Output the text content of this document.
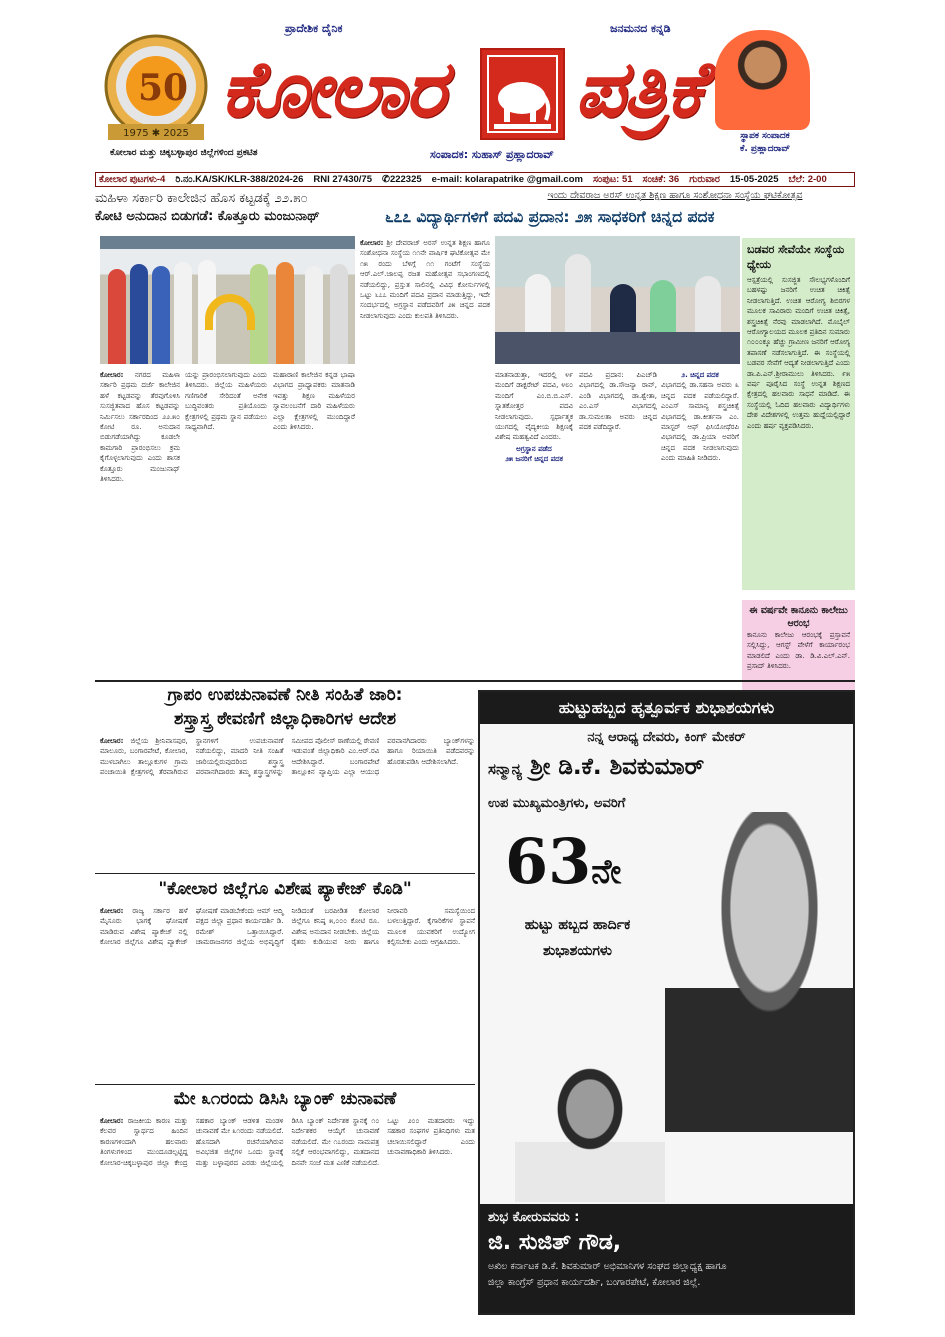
50
1975 ✱ 2025
ಪ್ರಾದೇಶಿಕ ದೈನಿಕ	ಜನಮನದ ಕನ್ನಡಿ
ಕೋಲಾರ ಪತ್ರಿಕೆ
ಸ್ಥಾಪಕ ಸಂಪಾದಕ
ಕೆ. ಪ್ರಹ್ಲಾದರಾವ್
ಕೋಲಾರ ಮತ್ತು ಚಿಕ್ಕಬಳ್ಳಾಪುರ ಜಿಲ್ಲೆಗಳಿಂದ ಪ್ರಕಟಿತ	ಸಂಪಾದಕ: ಸುಹಾಸ್ ಪ್ರಹ್ಲಾದರಾವ್
ಕೋಲಾರ ಪುಟಗಳು-4 ರಿ.ನಂ.KA/SK/KLR-388/2024-26 RNI 27430/75 ✆222325 e-mail: kolarapatrike @gmail.com ಸಂಪುಟ: 51 ಸಂಚಿಕೆ: 36 ಗುರುವಾರ 15-05-2025 ಬೆಲೆ: 2-00
ಮಹಿಳಾ ಸರ್ಕಾರಿ ಕಾಲೇಜಿನ ಹೊಸ ಕಟ್ಟಡಕ್ಕೆ ೨೨.೫೦
ಕೋಟಿ ಅನುದಾನ ಬಿಡುಗಡೆ: ಕೊತ್ತೂರು ಮಂಜುನಾಥ್

ಕೋಲಾರ: ನಗರದ ಮಹಿಳಾ ಸರ್ಕಾರಿ ಪ್ರಥಮ ದರ್ಜೆ ಕಾಲೇಜಿನ ಹಳೆ ಕಟ್ಟಡವನ್ನು ತೆರವುಗೊಳಿಸಿ ಸುಸಜ್ಜಿತವಾದ ಹೊಸ ಕಟ್ಟಡವನ್ನು ನಿರ್ಮಿಸಲು ಸರ್ಕಾರದಿಂದ ೨೨.೫೦ ಕೋಟಿ ರೂ. ಅನುದಾನ ಬಿಡುಗಡೆಯಾಗಿದ್ದು ಕೂಡಲೇ ಕಾಮಗಾರಿ ಪ್ರಾರಂಭಿಸಲು ಕ್ರಮ ಕೈಗೊಳ್ಳಲಾಗುವುದು ಎಂದು ಶಾಸಕ ಕೊತ್ತೂರು ಮಂಜುನಾಥ್ ತಿಳಿಸಿದರು.

ಯನ್ನು ಪ್ರಾರಂಭಿಸಲಾಗುವುದು ಎಂದು ತಿಳಿಸಿದರು. ಜಿಲ್ಲೆಯ ಮಹಿಳೆಯರು ಗಣಿಗಾರಿಕೆ ಸೇರಿದಂತೆ ಅನೇಕ ಬುದ್ಧಿವಂತರು ಪ್ರತಿಯೊಂದು ಕ್ಷೇತ್ರಗಳಲ್ಲಿ ಪ್ರಥಮ ಸ್ಥಾನ ಪಡೆಯಲು ಸಾಧ್ಯವಾಗಿದೆ.

ಮಹಾರಾಣಿ ಕಾಲೇಜಿನ ಕನ್ನಡ ಭಾಷಾ ವಿಭಾಗದ ಪ್ರಾಧ್ಯಾಪಕರು ಮಾತನಾಡಿ ಇವತ್ತು ಶಿಕ್ಷಣ ಮಹಿಳೆಯರ ಸ್ವಾವಲಂಬನೆಗೆ ದಾರಿ ಮಹಿಳೆಯರು ಎಲ್ಲಾ ಕ್ಷೇತ್ರಗಳಲ್ಲಿ ಮುಂದಿದ್ದಾರೆ ಎಂದು ತಿಳಿಸಿದರು.

ಇಂದು ದೇವರಾಜ ಅರಸ್ ಉನ್ನತ ಶಿಕ್ಷಣ ಹಾಗೂ ಸಂಶೋಧನಾ ಸಂಸ್ಥೆಯ ಘಟಿಕೋತ್ಸವ
೬೭೭ ವಿದ್ಯಾರ್ಥಿಗಳಿಗೆ ಪದವಿ ಪ್ರದಾನ: ೨೫ ಸಾಧಕರಿಗೆ ಚಿನ್ನದ ಪದಕ

ಕೋಲಾರ: ಶ್ರೀ ದೇವರಾಜ್ ಅರಸ್ ಉನ್ನತ ಶಿಕ್ಷಣ ಹಾಗೂ ಸಂಶೋಧನಾ ಸಂಸ್ಥೆಯ ೧೧ನೇ ವಾರ್ಷಿಕ ಘಟಿಕೋತ್ಸವ ಮೇ ೧೫ ರಂದು ಬೆಳಿಗ್ಗೆ ೧೧ ಗಂಟೆಗೆ ಸಂಸ್ಥೆಯ ಆರ್.ಎಲ್.ಜಾಲಪ್ಪ ರಜತ ಮಹೋತ್ಸವ ಸಭಾಂಗಣದಲ್ಲಿ ನಡೆಯಲಿದ್ದು, ಪ್ರಸ್ತುತ ಸಾಲಿನಲ್ಲಿ ವಿವಿಧ ಕೋರ್ಸುಗಳಲ್ಲಿ ಒಟ್ಟು ೬೭೭ ಮಂದಿಗೆ ಪದವಿ ಪ್ರದಾನ ಮಾಡುತ್ತಿದ್ದು, ಇದೇ ಸಂದರ್ಭದಲ್ಲಿ ಅಗ್ರಸ್ಥಾನ ಪಡೆದವರಿಗೆ ೨೫ ಚಿನ್ನದ ಪದಕ ನೀಡಲಾಗುವುದು ಎಂದು ಕುಲಪತಿ ತಿಳಿಸಿದರು.

ಮಾತನಾಡುತ್ತಾ, ಇದರಲ್ಲಿ ೪೯ ಮಂದಿಗೆ ಡಾಕ್ಟರೇಟ್ ಪದವಿ, ೪೮೦ ಮಂದಿಗೆ ಎಂ.ಬಿ.ಬಿ.ಎಸ್. ಸ್ನಾತಕೋತ್ತರ ಪದವಿ ನೀಡಲಾಗುವುದು. ಸ್ಪರ್ಧಾತ್ಮಕ ಯುಗದಲ್ಲಿ ವೈದ್ಯಕೀಯ ಶಿಕ್ಷಣಕ್ಕೆ ವಿಶೇಷ ಮಹತ್ವವಿದೆ ಎಂದರು.

ಅಗ್ರಸ್ಥಾನ ಪಡೆದ
೨೫ ಜನರಿಗೆ ಚಿನ್ನದ ಪದಕ

ಪದವಿ ಪ್ರದಾನ: ಪಿಎಚ್‌ಡಿ ವಿಭಾಗದಲ್ಲಿ ಡಾ.ಸೌಜನ್ಯಾ ರಾವ್, ಎಂಡಿ ವಿಭಾಗದಲ್ಲಿ ಡಾ.ಶ್ವೇತಾ, ಎಂ.ಎಸ್ ವಿಭಾಗದಲ್ಲಿ ಡಾ.ಸುಮಲತಾ ಅವರು ಚಿನ್ನದ ಪದಕ ಪಡೆದಿದ್ದಾರೆ.

೨. ಚಿನ್ನದ ಪದಕ

ವಿಭಾಗದಲ್ಲಿ ಡಾ.ಸಹನಾ ಅವರು ೩ ಚಿನ್ನದ ಪದಕ ಪಡೆಯಲಿದ್ದಾರೆ. ಎಂಎಸ್ ಸಾಮಾನ್ಯ ಶಸ್ತ್ರಚಿಕಿತ್ಸೆ ವಿಭಾಗದಲ್ಲಿ ಡಾ.ಕೀರ್ತನಾ ಎಂ. ಮಾಸ್ಟರ್ ಆಫ್ ಫಿಸಿಯೋಥೆರಪಿ ವಿಭಾಗದಲ್ಲಿ ಡಾ.ಪ್ರಿಯಾ ಅವರಿಗೆ ಚಿನ್ನದ ಪದಕ ನೀಡಲಾಗುವುದು ಎಂದು ಮಾಹಿತಿ ನೀಡಿದರು.

ಬಡವರ ಸೇವೆಯೇ ಸಂಸ್ಥೆಯ ಧ್ಯೇಯ
ಆಸ್ಪತ್ರೆಯಲ್ಲಿ ಸುಸಜ್ಜಿತ ಸೌಲಭ್ಯಗಳೊಂದಿಗೆ ಬಹಳಷ್ಟು ಜನರಿಗೆ ಉಚಿತ ಚಿಕಿತ್ಸೆ ನೀಡಲಾಗುತ್ತಿದೆ. ಉಚಿತ ಆರೋಗ್ಯ ಶಿಬಿರಗಳ ಮೂಲಕ ಸಾವಿರಾರು ಮಂದಿಗೆ ಉಚಿತ ಚಿಕಿತ್ಸೆ, ಶಸ್ತ್ರಚಿಕಿತ್ಸೆ ನೆರವು ಮಾಡಲಾಗಿದೆ. ಮೊಬೈಲ್ ಆರೋಗ್ಯಾಲಯದ ಮೂಲಕ ಪ್ರತಿದಿನ ಸುಮಾರು ೧೦೦೦ಕ್ಕೂ ಹೆಚ್ಚು ಗ್ರಾಮೀಣ ಜನರಿಗೆ ಆರೋಗ್ಯ ತಪಾಸಣೆ ನಡೆಸಲಾಗುತ್ತಿದೆ. ಈ ಸಂಸ್ಥೆಯಲ್ಲಿ ಬಡವರ ಸೇವೆಗೆ ಆದ್ಯತೆ ನೀಡಲಾಗುತ್ತಿದೆ ಎಂದು ಡಾ.ಪಿ.ಎನ್.ಶ್ರೀರಾಮುಲು ತಿಳಿಸಿದರು. ೯೫ ವರ್ಷ ಪೂರೈಸಿದ ಸಂಸ್ಥೆ ಉನ್ನತ ಶಿಕ್ಷಣದ ಕ್ಷೇತ್ರದಲ್ಲಿ ಹಲವಾರು ಸಾಧನೆ ಮಾಡಿದೆ. ಈ ಸಂಸ್ಥೆಯಲ್ಲಿ ಓದಿದ ಹಲವಾರು ವಿದ್ಯಾರ್ಥಿಗಳು ದೇಶ ವಿದೇಶಗಳಲ್ಲಿ ಉತ್ತಮ ಹುದ್ದೆಯಲ್ಲಿದ್ದಾರೆ ಎಂದು ಹರ್ಷ ವ್ಯಕ್ತಪಡಿಸಿದರು.
ಈ ವರ್ಷವೇ ಕಾನೂನು ಕಾಲೇಜು ಆರಂಭ
ಕಾನೂನು ಕಾಲೇಜು ಆರಂಭಕ್ಕೆ ಪ್ರಸ್ತಾವನೆ ಸಲ್ಲಿಸಿದ್ದು, ಆಗಸ್ಟ್ ವೇಳೆಗೆ ಕಾರ್ಯಾರಂಭ ಮಾಡಲಿದೆ ಎಂದು ಡಾ. ಡಿ.ವಿ.ಎಲ್.ಎನ್. ಪ್ರಸಾದ್ ತಿಳಿಸಿದರು.
ಗ್ರಾಪಂ ಉಪಚುನಾವಣೆ ನೀತಿ ಸಂಹಿತೆ ಜಾರಿ:
ಶಸ್ತ್ರಾಸ್ತ್ರ ಠೇವಣಿಗೆ ಜಿಲ್ಲಾಧಿಕಾರಿಗಳ ಆದೇಶ

ಕೋಲಾರ: ಜಿಲ್ಲೆಯ ಶ್ರೀನಿವಾಸಪುರ, ಮಾಲೂರು, ಬಂಗಾರಪೇಟೆ, ಕೋಲಾರ, ಮುಳಬಾಗಿಲು ತಾಲ್ಲೂಕುಗಳ ಗ್ರಾಮ ಪಂಚಾಯಿತಿ ಕ್ಷೇತ್ರಗಳಲ್ಲಿ ತೆರವಾಗಿರುವ ಸ್ಥಾನಗಳಿಗೆ ಉಪಚುನಾವಣೆ ನಡೆಯಲಿದ್ದು, ಮಾದರಿ ನೀತಿ ಸಂಹಿತೆ ಜಾರಿಯಲ್ಲಿರುವುದರಿಂದ ಶಸ್ತ್ರಾಸ್ತ್ರ ಪರವಾನಗಿದಾರರು ತಮ್ಮ ಶಸ್ತ್ರಾಸ್ತ್ರಗಳನ್ನು ಸಮೀಪದ ಪೊಲೀಸ್ ಠಾಣೆಯಲ್ಲಿ ಠೇವಣಿ ಇಡುವಂತೆ ಜಿಲ್ಲಾಧಿಕಾರಿ ಎಂ.ಆರ್.ರವಿ ಆದೇಶಿಸಿದ್ದಾರೆ. ಬಂಗಾರಪೇಟೆ ತಾಲ್ಲೂಕಿನ ವ್ಯಾಪ್ತಿಯ ಎಲ್ಲಾ ಆಯುಧ ಪರವಾನಗಿದಾರರು ಬ್ಯಾಂಕ್‌ಗಳನ್ನು ಹಾಗೂ ರಿಯಾಯಿತಿ ಪಡೆದವರನ್ನು ಹೊರತುಪಡಿಸಿ ಆದೇಶಿಸಲಾಗಿದೆ.

"ಕೋಲಾರ ಜಿಲ್ಲೆಗೂ ವಿಶೇಷ ಪ್ಯಾಕೇಜ್ ಕೊಡಿ"

ಕೋಲಾರ: ರಾಜ್ಯ ಸರ್ಕಾರ ಹಳೆ ಮೈಸೂರು ಭಾಗಕ್ಕೆ ಘೋಷಣೆ ಮಾಡಿರುವ ವಿಶೇಷ ಪ್ಯಾಕೇಜ್ ನಲ್ಲಿ ಕೋಲಾರ ಜಿಲ್ಲೆಗೂ ವಿಶೇಷ ಪ್ಯಾಕೇಜ್ ಘೋಷಣೆ ಮಾಡಬೇಕೆಂದು ಆಮ್ ಆದ್ಮಿ ಪಕ್ಷದ ಜಿಲ್ಲಾ ಪ್ರಧಾನ ಕಾರ್ಯದರ್ಶಿ ಡಿ. ರಮೇಶ್ ಒತ್ತಾಯಿಸಿದ್ದಾರೆ. ಚಾಮರಾಜನಗರ ಜಿಲ್ಲೆಯ ಅಭಿವೃದ್ಧಿಗೆ ನೀಡಿದಂತೆ ಬರಪೀಡಿತ ಕೋಲಾರ ಜಿಲ್ಲೆಗೂ ಕನಿಷ್ಠ ೫,೦೦೦ ಕೋಟಿ ರೂ. ವಿಶೇಷ ಅನುದಾನ ನೀಡಬೇಕು. ಜಿಲ್ಲೆಯ ರೈತರು ಕುಡಿಯುವ ನೀರು ಹಾಗೂ ನೀರಾವರಿ ಸಮಸ್ಯೆಯಿಂದ ಬಳಲುತ್ತಿದ್ದಾರೆ. ಕೈಗಾರಿಕೆಗಳ ಸ್ಥಾಪನೆ ಮೂಲಕ ಯುವಕರಿಗೆ ಉದ್ಯೋಗ ಕಲ್ಪಿಸಬೇಕು ಎಂದು ಆಗ್ರಹಿಸಿದರು.

ಮೇ ೩೧ರಂದು ಡಿಸಿಸಿ ಬ್ಯಾಂಕ್ ಚುನಾವಣೆ

ಕೋಲಾರ: ರಾಜಕೀಯ ಕಾರಣ ಮತ್ತು ಕೆಲವರ ಸ್ವಾರ್ಥದ ಹಿಂದಿನ ಕಾರಣಗಳಿಂದಾಗಿ ಹಲವಾರು ತಿಂಗಳುಗಳಿಂದ ಮುಂದೂಡಲ್ಪಟ್ಟಿದ್ದ ಕೋಲಾರ-ಚಿಕ್ಕಬಳ್ಳಾಪುರ ಜಿಲ್ಲಾ ಕೇಂದ್ರ ಸಹಕಾರ ಬ್ಯಾಂಕ್ ಆಡಳಿತ ಮಂಡಳಿ ಚುನಾವಣೆ ಮೇ ೩೧ರಂದು ನಡೆಯಲಿದೆ. ಹೊಸದಾಗಿ ರಚನೆಯಾಗಿರುವ ಅವಿಭಜಿತ ಜಿಲ್ಲೆಗಳ ಒಂದು ಸ್ಥಾನಕ್ಕೆ ಮತ್ತು ಬಳ್ಳಾಪುರದ ಎರಡು ಜಿಲ್ಲೆಯಲ್ಲಿ ಡಿಸಿಸಿ ಬ್ಯಾಂಕ್ ನಿರ್ದೇಶಕ ಸ್ಥಾನಕ್ಕೆ ೧೦ ನಿರ್ದೇಶಕರ ಆಯ್ಕೆಗೆ ಚುನಾವಣೆ ನಡೆಯಲಿದೆ. ಮೇ ೧೭ರಂದು ನಾಮಪತ್ರ ಸಲ್ಲಿಕೆ ಆರಂಭವಾಗಲಿದ್ದು, ಮತದಾನದ ದಿನವೇ ಸಂಜೆ ಮತ ಎಣಿಕೆ ನಡೆಯಲಿದೆ. ಒಟ್ಟು ೨೦೦ ಮತದಾರರು ಇದ್ದು ಸಹಕಾರ ಸಂಘಗಳ ಪ್ರತಿನಿಧಿಗಳು ಮತ ಚಲಾಯಿಸಲಿದ್ದಾರೆ ಎಂದು ಚುನಾವಣಾಧಿಕಾರಿ ತಿಳಿಸಿದರು.

ಹುಟ್ಟುಹಬ್ಬದ ಹೃತ್ಪೂರ್ವಕ ಶುಭಾಶಯಗಳು
ನನ್ನ ಆರಾಧ್ಯ ದೇವರು, ಕಿಂಗ್ ಮೇಕರ್
ಸನ್ಮಾನ್ಯ ಶ್ರೀ ಡಿ.ಕೆ. ಶಿವಕುಮಾರ್
ಉಪ ಮುಖ್ಯಮಂತ್ರಿಗಳು, ಅವರಿಗೆ
63ನೇ
ಹುಟ್ಟು ಹಬ್ಬದ ಹಾರ್ದಿಕ
ಶುಭಾಶಯಗಳು
ಶುಭ ಕೋರುವವರು :
ಜಿ. ಸುಜಿತ್ ಗೌಡ,
ಅಖಿಲ ಕರ್ನಾಟಕ ಡಿ.ಕೆ. ಶಿವಕುಮಾರ್ ಅಭಿಮಾನಿಗಳ ಸಂಘದ ಜಿಲ್ಲಾಧ್ಯಕ್ಷ ಹಾಗೂ
ಜಿಲ್ಲಾ ಕಾಂಗ್ರೆಸ್ ಪ್ರಧಾನ ಕಾರ್ಯದರ್ಶಿ, ಬಂಗಾರಪೇಟೆ, ಕೋಲಾರ ಜಿಲ್ಲೆ.
